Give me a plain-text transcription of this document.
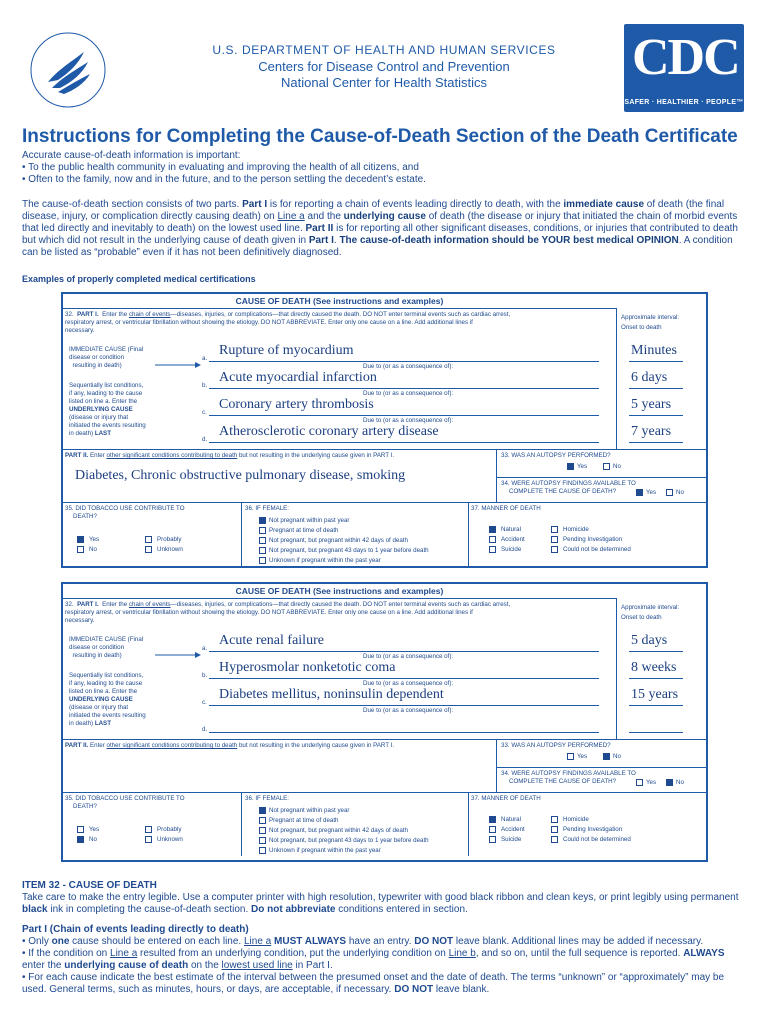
U.S. DEPARTMENT OF HEALTH AND HUMAN SERVICES
Centers for Disease Control and Prevention
National Center for Health Statistics	CDC
SAFER · HEALTHIER · PEOPLE™
Instructions for Completing the Cause-of-Death Section of the Death Certificate
Accurate cause-of-death information is important:
• To the public health community in evaluating and improving the health of all citizens, and
• Often to the family, now and in the future, and to the person settling the decedent’s estate.
The cause-of-death section consists of two parts. Part I is for reporting a chain of events leading directly to death, with the immediate cause of death (the final disease, injury, or complication directly causing death) on Line a and the underlying cause of death (the disease or injury that initiated the chain of morbid events that led directly and inevitably to death) on the lowest used line. Part II is for reporting all other significant diseases, conditions, or injuries that contributed to death but which did not result in the underlying cause of death given in Part I. The cause-of-death information should be YOUR best medical OPINION. A condition can be listed as “probable” even if it has not been definitively diagnosed.
Examples of properly completed medical certifications
CAUSE OF DEATH (See instructions and examples)
32. PART I. Enter the chain of events—diseases, injuries, or complications—that directly caused the death. DO NOT enter terminal events such as cardiac arrest,
respiratory arrest, or ventricular fibrillation without showing the etiology. DO NOT ABBREVIATE. Enter only one cause on a line. Add additional lines if
necessary.
Approximate interval:
Onset to death
IMMEDIATE CAUSE (Final
disease or condition
resulting in death)
Sequentially list conditions,
if any, leading to the cause
listed on line a. Enter the
UNDERLYING CAUSE
(disease or injury that
initiated the events resulting
in death) LAST
a.
Rupture of myocardium	Minutes
Due to (or as a consequence of):
b.
Acute myocardial infarction	6 days
Due to (or as a consequence of):
c.
Coronary artery thrombosis	5 years
Due to (or as a consequence of):
d.
Atherosclerotic coronary artery disease	7 years
PART II. Enter other significant conditions contributing to death but not resulting in the underlying cause given in PART I.
Diabetes, Chronic obstructive pulmonary disease, smoking
33. WAS AN AUTOPSY PERFORMED?
Yes	No
34. WERE AUTOPSY FINDINGS AVAILABLE TO
COMPLETE THE CAUSE OF DEATH?	Yes	No
35. DID TOBACCO USE CONTRIBUTE TO
DEATH?
Yes	Probably
No	Unknown
36. IF FEMALE:
Not pregnant within past year
Pregnant at time of death
Not pregnant, but pregnant within 42 days of death
Not pregnant, but pregnant 43 days to 1 year before death
Unknown if pregnant within the past year
37. MANNER OF DEATH
Natural	Homicide
Accident	Pending Investigation
Suicide	Could not be determined
CAUSE OF DEATH (See instructions and examples)
32. PART I. Enter the chain of events—diseases, injuries, or complications—that directly caused the death. DO NOT enter terminal events such as cardiac arrest,
respiratory arrest, or ventricular fibrillation without showing the etiology. DO NOT ABBREVIATE. Enter only one cause on a line. Add additional lines if
necessary.
Approximate interval:
Onset to death
IMMEDIATE CAUSE (Final
disease or condition
resulting in death)
Sequentially list conditions,
if any, leading to the cause
listed on line a. Enter the
UNDERLYING CAUSE
(disease or injury that
initiated the events resulting
in death) LAST
a.
Acute renal failure	5 days
Due to (or as a consequence of):
b.
Hyperosmolar nonketotic coma	8 weeks
Due to (or as a consequence of):
c.
Diabetes mellitus, noninsulin dependent	15 years
Due to (or as a consequence of):
d.
PART II. Enter other significant conditions contributing to death but not resulting in the underlying cause given in PART I.	33. WAS AN AUTOPSY PERFORMED?
Yes	No
34. WERE AUTOPSY FINDINGS AVAILABLE TO
COMPLETE THE CAUSE OF DEATH?	Yes	No
35. DID TOBACCO USE CONTRIBUTE TO
DEATH?
Yes	Probably
No	Unknown
36. IF FEMALE:
Not pregnant within past year
Pregnant at time of death
Not pregnant, but pregnant within 42 days of death
Not pregnant, but pregnant 43 days to 1 year before death
Unknown if pregnant within the past year
37. MANNER OF DEATH
Natural	Homicide
Accident	Pending Investigation
Suicide	Could not be determined
ITEM 32 - CAUSE OF DEATH
Take care to make the entry legible. Use a computer printer with high resolution, typewriter with good black ribbon and clean keys, or print legibly using permanent black ink in completing the cause-of-death section. Do not abbreviate conditions entered in section.
Part I (Chain of events leading directly to death)
• Only one cause should be entered on each line. Line a MUST ALWAYS have an entry. DO NOT leave blank. Additional lines may be added if necessary.
• If the condition on Line a resulted from an underlying condition, put the underlying condition on Line b, and so on, until the full sequence is reported. ALWAYS
enter the underlying cause of death on the lowest used line in Part I.
• For each cause indicate the best estimate of the interval between the presumed onset and the date of death. The terms “unknown” or “approximately” may be
used. General terms, such as minutes, hours, or days, are acceptable, if necessary. DO NOT leave blank.
